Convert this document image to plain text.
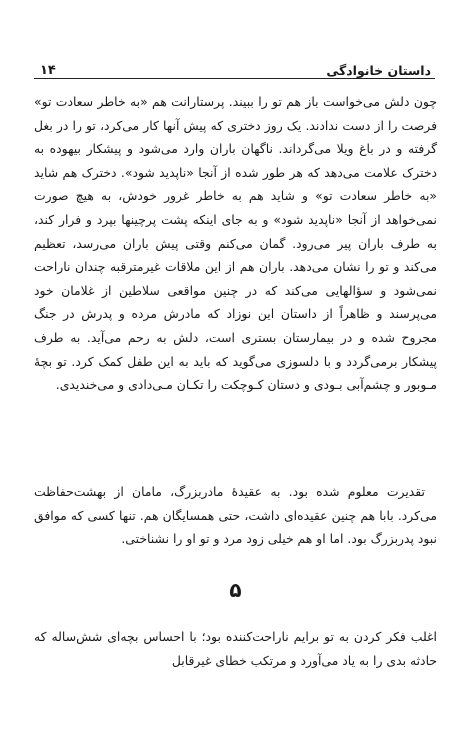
۱۴	داستان خانوادگی

چون دلش می‌خواست باز هم تو را ببیند. پرستارانت هم «به خاطر سعادت تو» فرصت را از دست ندادند. یک روز دختری که پیش آنها کار می‌کرد، تو را در بغل گرفته و در باغ ویلا می‌گرداند. ناگهان باران وارد می‌شود و پیشکار بیهوده به دخترک علامت می‌دهد که هر طور شده از آنجا «ناپدید شود». دخترک هم شاید «به خاطر سعادت تو» و شاید هم به خاطر غرور خودش، به هیچ صورت نمی‌خواهد از آنجا «ناپدید شود» و به جای اینکه پشت پرچینها بپرد و فرار کند، به طرف باران پیر می‌رود. گمان می‌کنم وقتی پیش باران می‌رسد، تعظیم می‌کند و تو را نشان می‌دهد. باران هم از این ملاقات غیرمترقبه چندان ناراحت نمی‌شود و سؤالهایی می‌کند که در چنین مواقعی سلاطین از غلامان خود می‌پرسند و ظاهراً از داستان این نوزاد که مادرش مرده و پدرش در جنگ مجروح شده و در بیمارستان بستری است، دلش به رحم می‌آید. به طرف پیشکار برمی‌گردد و با دلسوزی می‌گوید که باید به این طفل کمک کرد. تو بچهٔ مـوبور و چشم‌آبی بـودی و دستان کـوچکت را تکـان مـی‌دادی و می‌خندیدی.

تقدیرت معلوم شده بود. به عقیدهٔ مادربزرگ، مامان از بهشت‌حفاظت می‌کرد. بابا هم چنین عقیده‌ای داشت، حتی همسایگان هم. تنها کسی که موافق نبود پدربزرگ بود. اما او هم خیلی زود مرد و تو او را نشناختی.

۵

اغلب فکر کردن به تو برایم ناراحت‌کننده بود؛ با احساس بچه‌ای شش‌ساله که حادثه بدی را به یاد می‌آورد و مرتکب خطای غیرقابل
